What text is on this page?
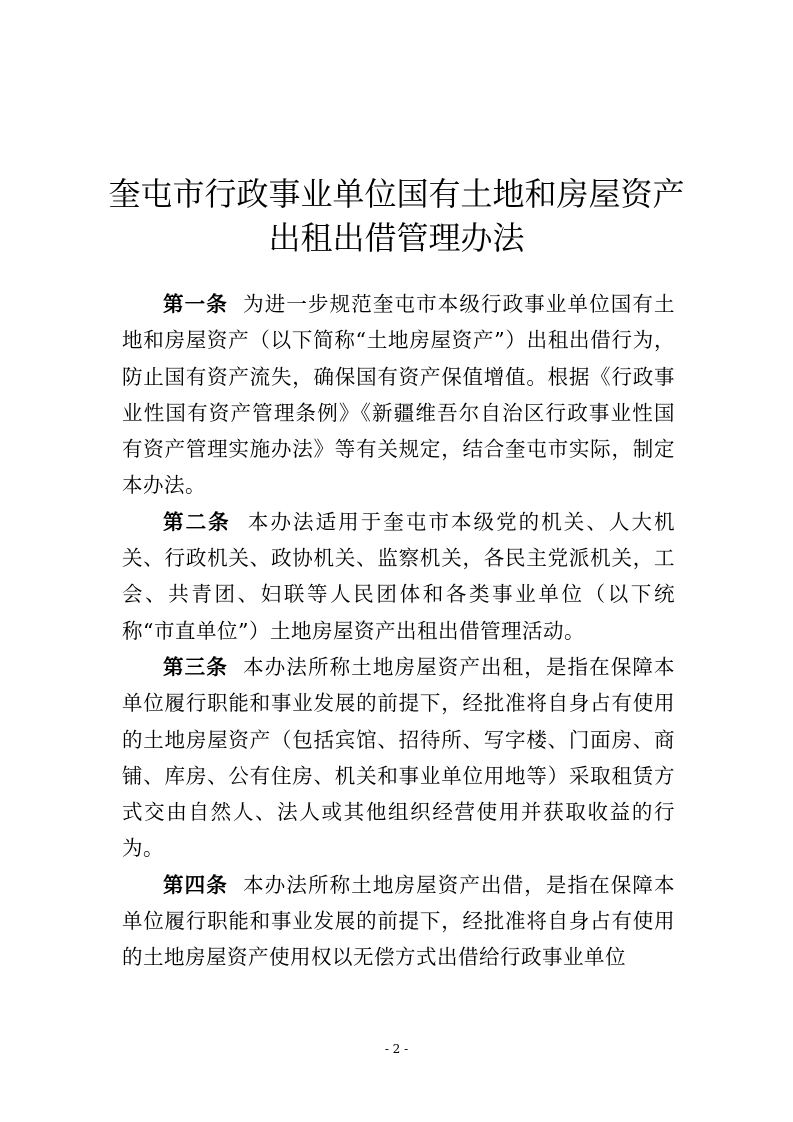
奎屯市行政事业单位国有土地和房屋资产
出租出借管理办法

第一条 为进一步规范奎屯市本级行政事业单位国有土地和房屋资产（以下简称“土地房屋资产”）出租出借行为，防止国有资产流失，确保国有资产保值增值。根据《行政事业性国有资产管理条例》《新疆维吾尔自治区行政事业性国有资产管理实施办法》等有关规定，结合奎屯市实际，制定本办法。

第二条 本办法适用于奎屯市本级党的机关、人大机关、行政机关、政协机关、监察机关，各民主党派机关，工会、共青团、妇联等人民团体和各类事业单位（以下统称“市直单位”）土地房屋资产出租出借管理活动。

第三条 本办法所称土地房屋资产出租，是指在保障本单位履行职能和事业发展的前提下，经批准将自身占有使用的土地房屋资产（包括宾馆、招待所、写字楼、门面房、商铺、库房、公有住房、机关和事业单位用地等）采取租赁方式交由自然人、法人或其他组织经营使用并获取收益的行为。

第四条 本办法所称土地房屋资产出借，是指在保障本单位履行职能和事业发展的前提下，经批准将自身占有使用的土地房屋资产使用权以无偿方式出借给行政事业单位

- 2 -
